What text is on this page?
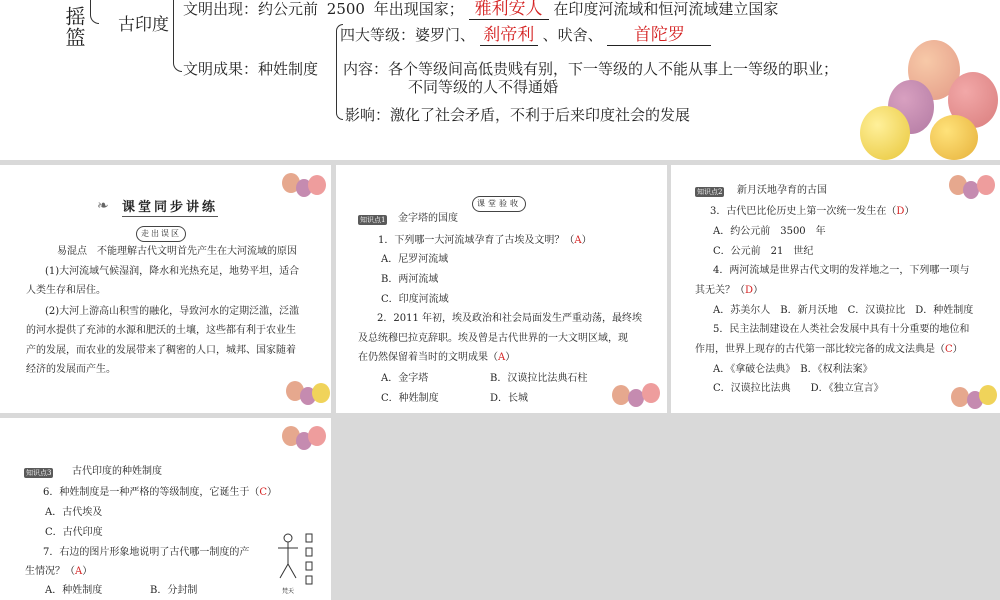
摇篮 古印度
文明出现：约公元前 2500 年出现国家； 雅利安人 在印度河流域和恒河流域建立国家
四大等级：婆罗门、 刹帝利 、吠舍、 首陀罗
文明成果：种姓制度 内容：各个等级间高低贵贱有别，下一等级的人不能从事上一等级的职业；
不同等级的人不得通婚
影响：激化了社会矛盾，不利于后来印度社会的发展
❧ 课堂同步讲练
走出误区
易混点　不能理解古代文明首先产生在大河流域的原因
(1)大河流域气候湿润，降水和光热充足，地势平坦，适合
人类生存和居住。
(2)大河上游高山积雪的融化，导致河水的定期泛滥，泛滥
的河水提供了充沛的水源和肥沃的土壤，这些都有利于农业生
产的发展，而农业的发展带来了稠密的人口，城邦、国家随着
经济的发展而产生。
课堂验收
知识点1 金字塔的国度
1．下列哪一大河流域孕育了古埃及文明？（A）
A．尼罗河流域
B．两河流域
C．印度河流域
2．2011 年初，埃及政治和社会局面发生严重动荡，最终埃
及总统穆巴拉克辞职。埃及曾是古代世界的一大文明区域，现
在仍然保留着当时的文明成果（A）
A．金字塔	B．汉谟拉比法典石柱
C．种姓制度	D．长城
知识点2 新月沃地孕育的古国
3．古代巴比伦历史上第一次统一发生在（D）
A．约公元前　3500　年
C．公元前　21　世纪
4．两河流域是世界古代文明的发祥地之一，下列哪一项与
其无关？（D）
A．苏美尔人　B．新月沃地　C．汉谟拉比　D．种姓制度
5．民主法制建设在人类社会发展中具有十分重要的地位和
作用，世界上现存的古代第一部比较完备的成文法典是（C）
A．《拿破仑法典》　B．《权利法案》
C．汉谟拉比法典　　D．《独立宣言》
知识点3 古代印度的种姓制度
6．种姓制度是一种严格的等级制度，它诞生于（C）
A．古代埃及
C．古代印度
7．右边的图片形象地说明了古代哪一制度的产
生情况？（A）
A．种姓制度	B．分封制	梵天
